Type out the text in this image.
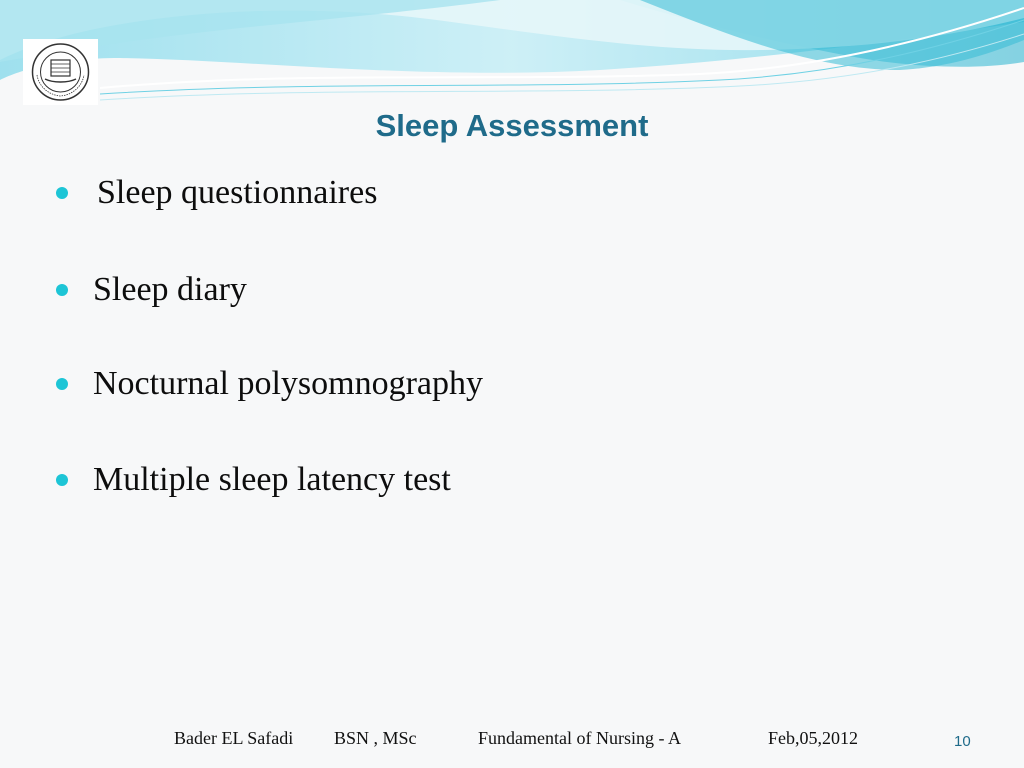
Sleep Assessment
Sleep questionnaires
Sleep diary
Nocturnal polysomnography
Multiple sleep latency test
Bader EL Safadi BSN , MSc	Fundamental of Nursing - A	Feb,05,2012	10
